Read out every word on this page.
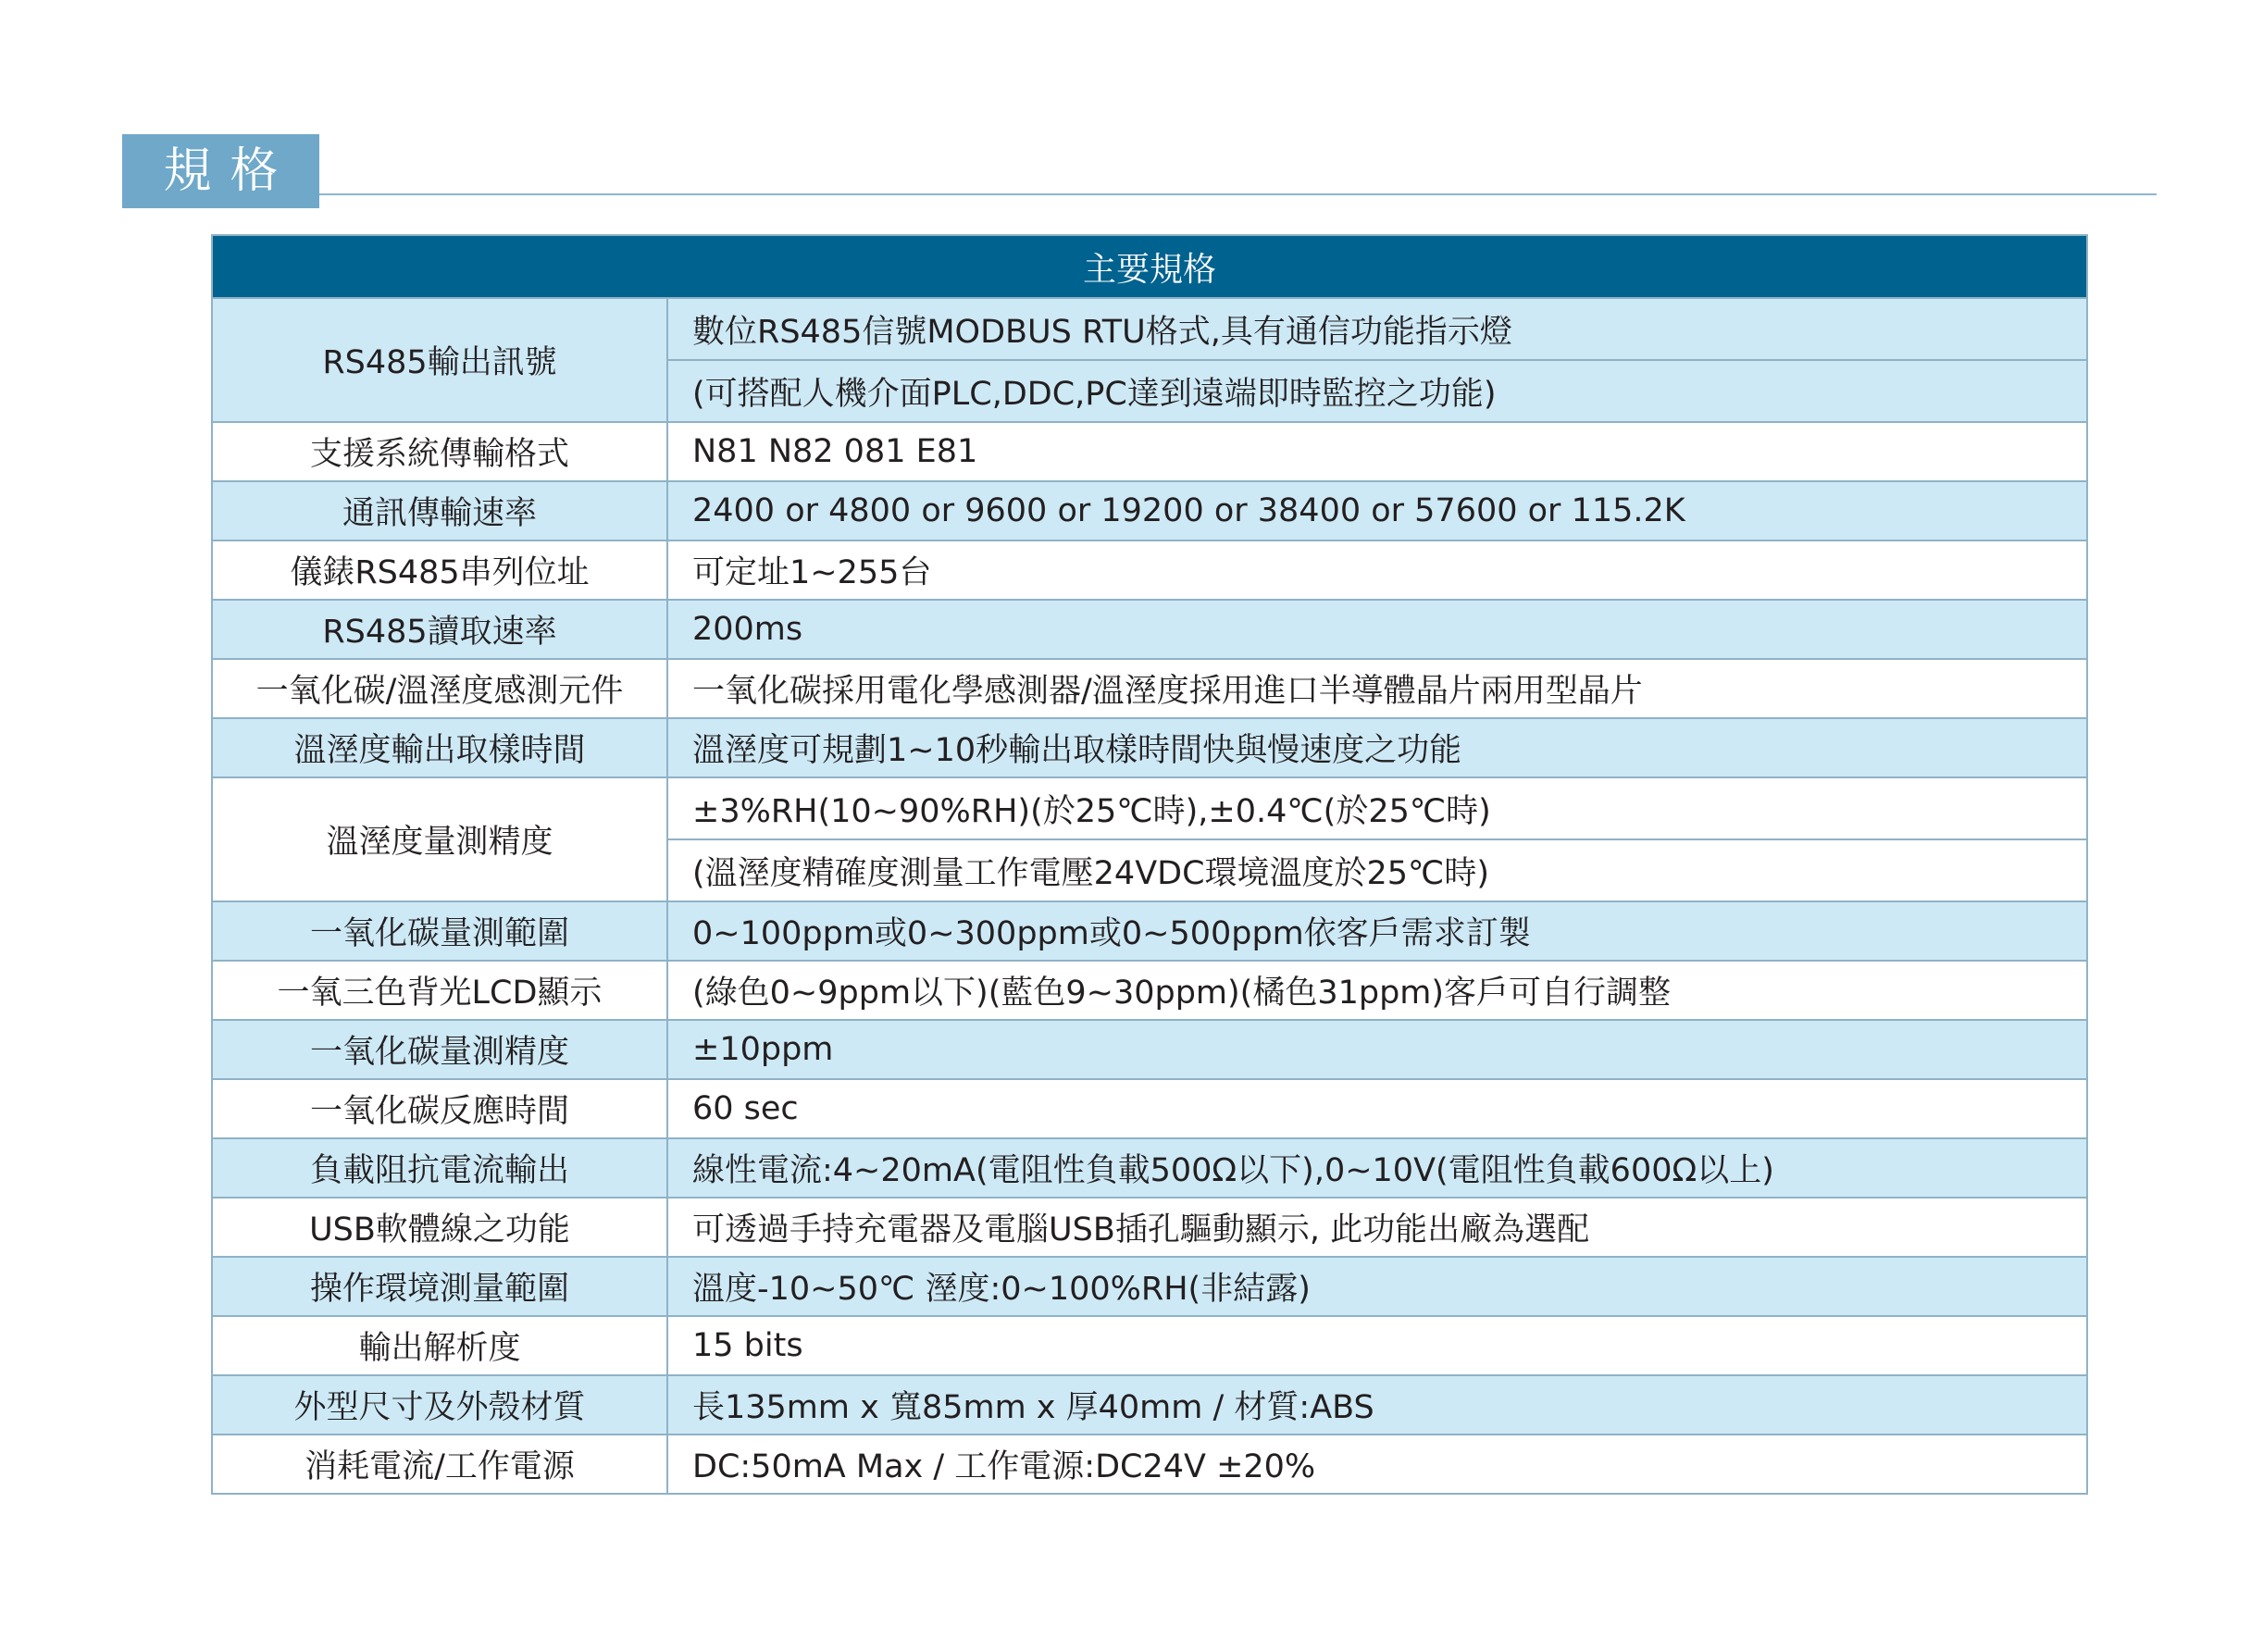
規格
主要規格	
RS485輸出訊號	數位RS485信號MODBUS RTU格式,具有通信功能指示燈
	(可搭配人機介面PLC,DDC,PC達到遠端即時監控之功能)
支援系統傳輸格式	N81 N82 081 E81
通訊傳輸速率	2400 or 4800 or 9600 or 19200 or 38400 or 57600 or 115.2K
儀錶RS485串列位址	可定址1~255台
RS485讀取速率	200ms
一氧化碳/溫溼度感測元件	一氧化碳採用電化學感測器/溫溼度採用進口半導體晶片兩用型晶片
溫溼度輸出取樣時間	溫溼度可規劃1~10秒輸出取樣時間快與慢速度之功能
溫溼度量測精度	±3%RH(10~90%RH)(於25℃時),±0.4℃(於25℃時)
	(溫溼度精確度測量工作電壓24VDC環境溫度於25℃時)
一氧化碳量測範圍	0~100ppm或0~300ppm或0~500ppm依客戶需求訂製
一氧三色背光LCD顯示	(綠色0~9ppm以下)(藍色9~30ppm)(橘色31ppm)客戶可自行調整
一氧化碳量測精度	±10ppm
一氧化碳反應時間	60 sec
負載阻抗電流輸出	線性電流:4~20mA(電阻性負載500Ω以下),0~10V(電阻性負載600Ω以上)
USB軟體線之功能	可透過手持充電器及電腦USB插孔驅動顯示, 此功能出廠為選配
操作環境測量範圍	溫度-10~50℃ 溼度:0~100%RH(非結露)
輸出解析度	15 bits
外型尺寸及外殼材質	長135mm x 寬85mm x 厚40mm / 材質:ABS
消耗電流/工作電源	DC:50mA Max / 工作電源:DC24V ±20%
